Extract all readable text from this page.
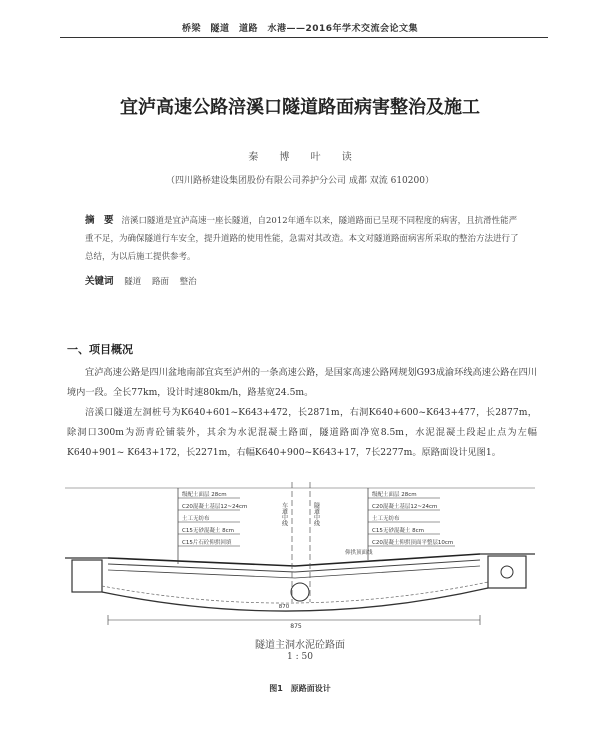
桥梁　隧道　道路　水港——2016年学术交流会论文集
宜泸高速公路涪溪口隧道路面病害整治及施工
秦 博 叶 读
（四川路桥建设集团股份有限公司养护分公司 成都 双流 610200）
摘　要 涪溪口隧道是宜泸高速一座长隧道，自2012年通车以来，隧道路面已呈现不同程度的病害，且抗滑性能严重不足，为确保隧道行车安全，提升道路的使用性能，急需对其改造。本文对隧道路面病害所采取的整治方法进行了总结，为以后施工提供参考。
关键词 隧道 路面 整治
一、项目概况
宜泸高速公路是四川盆地南部宜宾至泸州的一条高速公路，是国家高速公路网规划G93成渝环线高速公路在四川境内一段。全长77km，设计时速80km/h，路基宽24.5m。
涪溪口隧道左洞桩号为K640+601~K643+472，长2871m，右洞K640+600~K643+477，长2877m，除洞口300m为沥青砼铺装外，其余为水泥混凝土路面，隧道路面净宽8.5m，水泥混凝土段起止点为左幅K640+901~ K643+172，长2271m，右幅K640+900~K643+17，7长2277m。原路面设计见图1。
车道中线	隧道中线
级配土面层 28cm
C20混凝土基层12~24cm
土工无纺布
C15无砂混凝土 8cm
C15片石砼仰拱回填
级配土面层 28cm
C20混凝土基层12~24cm
土工无纺布
C15无砂混凝土 8cm
C20混凝土仰拱顶面平整层10cm
仰拱顶面线
875
870
隧道主洞水泥砼路面
1 : 50
图1 原路面设计
